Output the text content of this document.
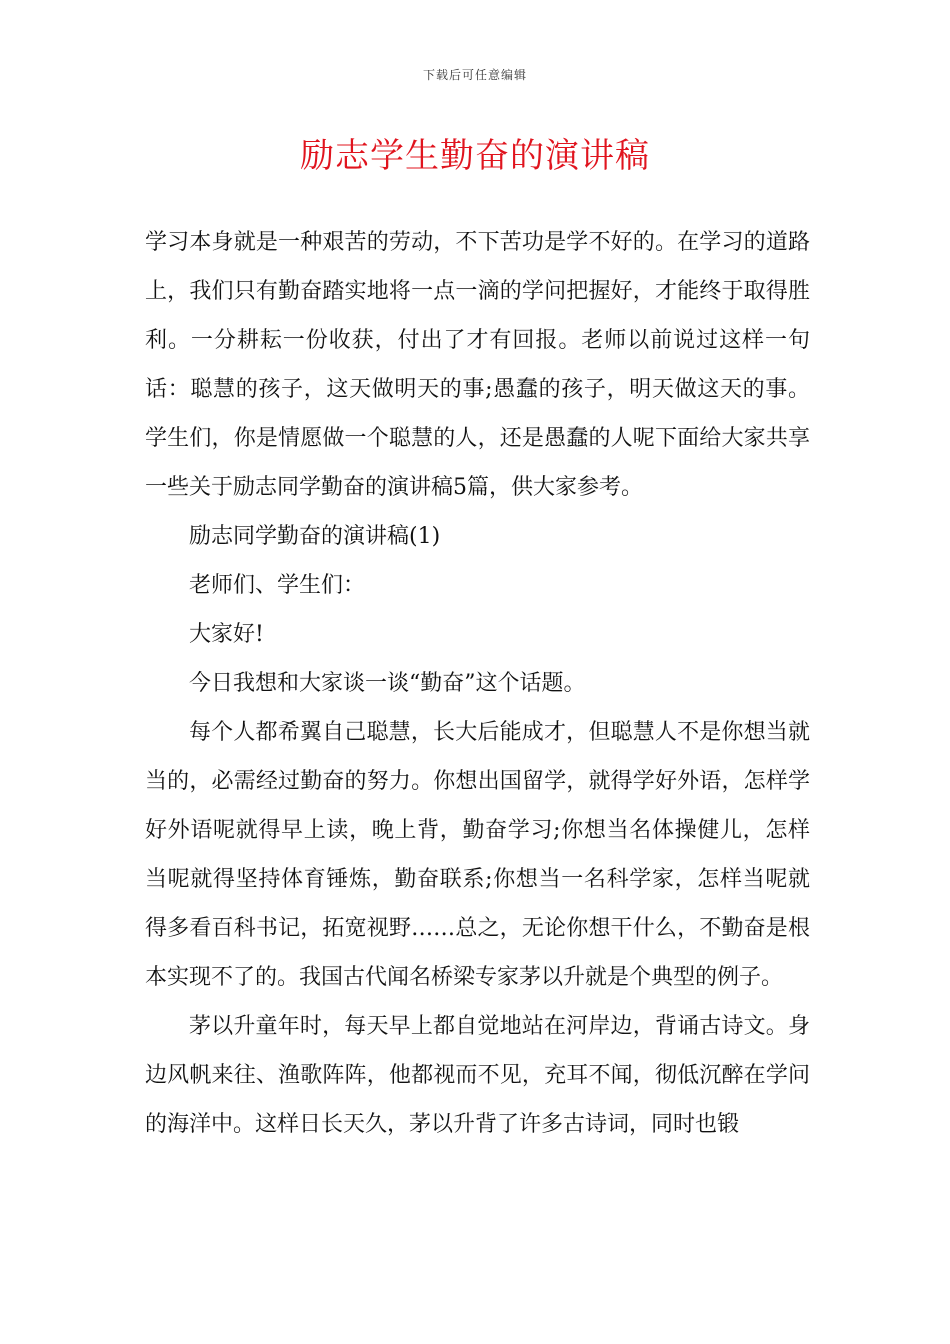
下载后可任意编辑
励志学生勤奋的演讲稿

学习本身就是一种艰苦的劳动，不下苦功是学不好的。在学习的道路上，我们只有勤奋踏实地将一点一滴的学问把握好，才能终于取得胜利。一分耕耘一份收获，付出了才有回报。老师以前说过这样一句话：聪慧的孩子，这天做明天的事;愚蠢的孩子，明天做这天的事。学生们，你是情愿做一个聪慧的人，还是愚蠢的人呢下面给大家共享一些关于励志同学勤奋的演讲稿5篇，供大家参考。

励志同学勤奋的演讲稿(1)

老师们、学生们：

大家好!

今日我想和大家谈一谈“勤奋”这个话题。

每个人都希翼自己聪慧，长大后能成才，但聪慧人不是你想当就当的，必需经过勤奋的努力。你想出国留学，就得学好外语，怎样学好外语呢就得早上读，晚上背，勤奋学习;你想当名体操健儿，怎样当呢就得坚持体育锤炼，勤奋联系;你想当一名科学家，怎样当呢就得多看百科书记，拓宽视野……总之，无论你想干什么，不勤奋是根本实现不了的。我国古代闻名桥梁专家茅以升就是个典型的例子。

茅以升童年时，每天早上都自觉地站在河岸边，背诵古诗文。身边风帆来往、渔歌阵阵，他都视而不见，充耳不闻，彻低沉醉在学问的海洋中。这样日长天久，茅以升背了许多古诗词，同时也锻
